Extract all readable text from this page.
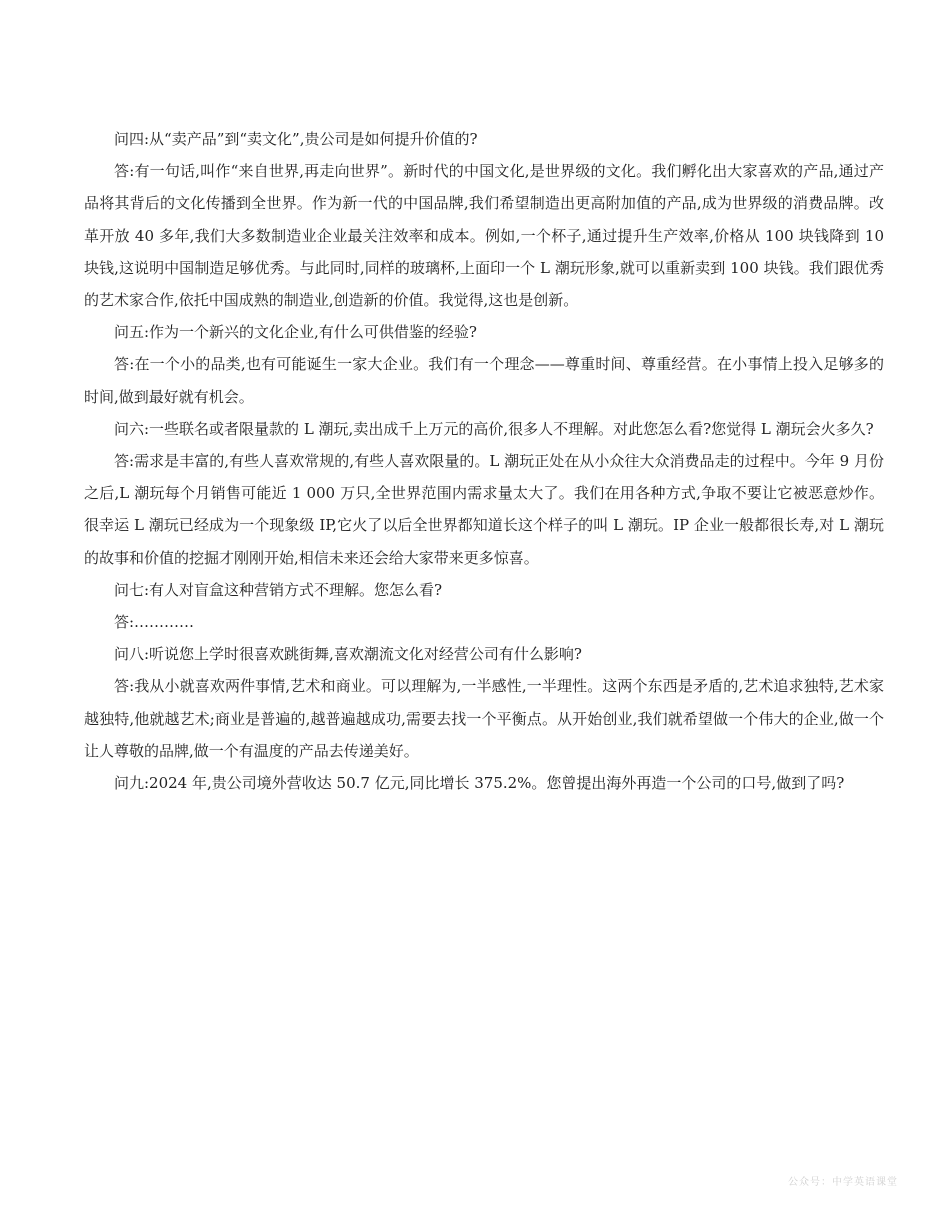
问四:从“卖产品”到“卖文化”,贵公司是如何提升价值的?

答:有一句话,叫作“来自世界,再走向世界”。新时代的中国文化,是世界级的文化。我们孵化出大家喜欢的产品,通过产品将其背后的文化传播到全世界。作为新一代的中国品牌,我们希望制造出更高附加值的产品,成为世界级的消费品牌。改革开放 40 多年,我们大多数制造业企业最关注效率和成本。例如,一个杯子,通过提升生产效率,价格从 100 块钱降到 10 块钱,这说明中国制造足够优秀。与此同时,同样的玻璃杯,上面印一个 L 潮玩形象,就可以重新卖到 100 块钱。我们跟优秀的艺术家合作,依托中国成熟的制造业,创造新的价值。我觉得,这也是创新。

问五:作为一个新兴的文化企业,有什么可供借鉴的经验?

答:在一个小的品类,也有可能诞生一家大企业。我们有一个理念——尊重时间、尊重经营。在小事情上投入足够多的时间,做到最好就有机会。

问六:一些联名或者限量款的 L 潮玩,卖出成千上万元的高价,很多人不理解。对此您怎么看?您觉得 L 潮玩会火多久?

答:需求是丰富的,有些人喜欢常规的,有些人喜欢限量的。L 潮玩正处在从小众往大众消费品走的过程中。今年 9 月份之后,L 潮玩每个月销售可能近 1 000 万只,全世界范围内需求量太大了。我们在用各种方式,争取不要让它被恶意炒作。很幸运 L 潮玩已经成为一个现象级 IP,它火了以后全世界都知道长这个样子的叫 L 潮玩。IP 企业一般都很长寿,对 L 潮玩的故事和价值的挖掘才刚刚开始,相信未来还会给大家带来更多惊喜。

问七:有人对盲盒这种营销方式不理解。您怎么看?

答:…………

问八:听说您上学时很喜欢跳街舞,喜欢潮流文化对经营公司有什么影响?

答:我从小就喜欢两件事情,艺术和商业。可以理解为,一半感性,一半理性。这两个东西是矛盾的,艺术追求独特,艺术家越独特,他就越艺术;商业是普遍的,越普遍越成功,需要去找一个平衡点。从开始创业,我们就希望做一个伟大的企业,做一个让人尊敬的品牌,做一个有温度的产品去传递美好。

问九:2024 年,贵公司境外营收达 50.7 亿元,同比增长 375.2%。您曾提出海外再造一个公司的口号,做到了吗?

公众号：中学英语课堂
